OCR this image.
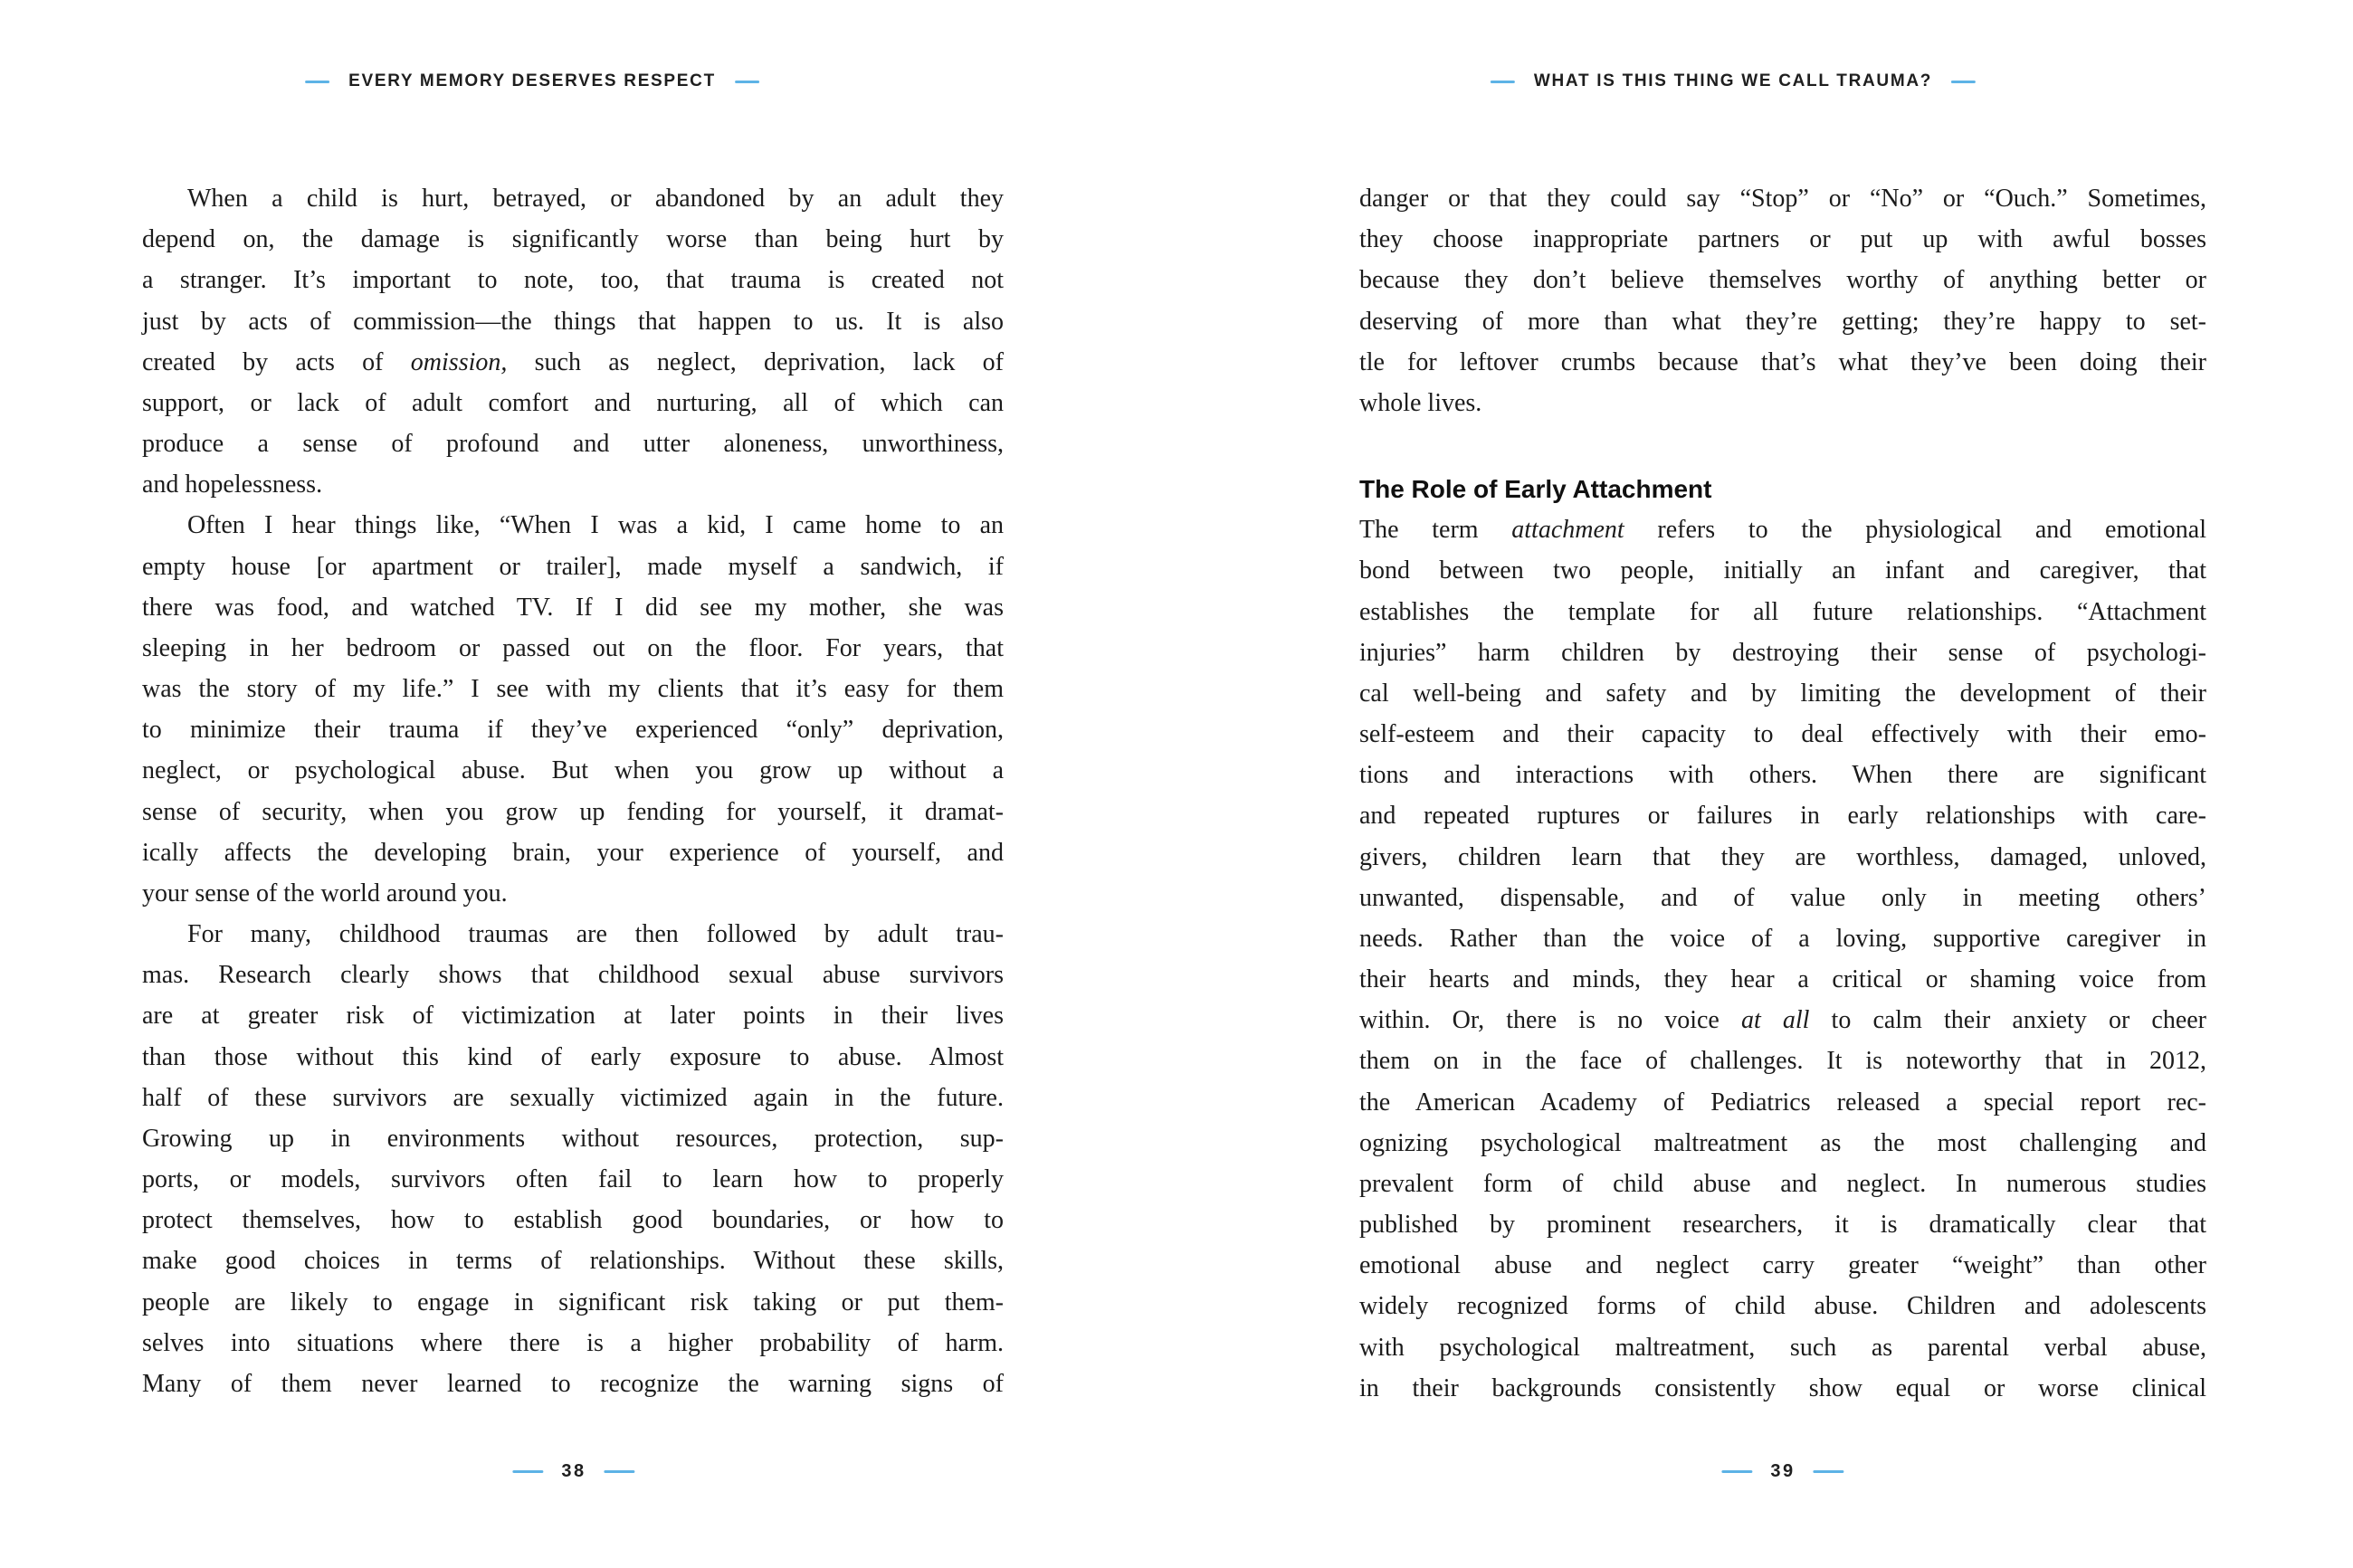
EVERY MEMORY DESERVES RESPECT
When a child is hurt, betrayed, or abandoned by an adult they
depend on, the damage is significantly worse than being hurt by
a stranger. It’s important to note, too, that trauma is created not
just by acts of commission—the things that happen to us. It is also
created by acts of omission, such as neglect, deprivation, lack of
support, or lack of adult comfort and nurturing, all of which can
produce a sense of profound and utter aloneness, unworthiness,
and hopelessness.
Often I hear things like, “When I was a kid, I came home to an
empty house [or apartment or trailer], made myself a sandwich, if
there was food, and watched TV. If I did see my mother, she was
sleeping in her bedroom or passed out on the floor. For years, that
was the story of my life.” I see with my clients that it’s easy for them
to minimize their trauma if they’ve experienced “only” deprivation,
neglect, or psychological abuse. But when you grow up without a
sense of security, when you grow up fending for yourself, it dramat-
ically affects the developing brain, your experience of yourself, and
your sense of the world around you.
For many, childhood traumas are then followed by adult trau-
mas. Research clearly shows that childhood sexual abuse survivors
are at greater risk of victimization at later points in their lives
than those without this kind of early exposure to abuse. Almost
half of these survivors are sexually victimized again in the future.
Growing up in environments without resources, protection, sup-
ports, or models, survivors often fail to learn how to properly
protect themselves, how to establish good boundaries, or how to
make good choices in terms of relationships. Without these skills,
people are likely to engage in significant risk taking or put them-
selves into situations where there is a higher probability of harm.
Many of them never learned to recognize the warning signs of
38
WHAT IS THIS THING WE CALL TRAUMA?
danger or that they could say “Stop” or “No” or “Ouch.” Sometimes,
they choose inappropriate partners or put up with awful bosses
because they don’t believe themselves worthy of anything better or
deserving of more than what they’re getting; they’re happy to set-
tle for leftover crumbs because that’s what they’ve been doing their
whole lives.
The Role of Early Attachment
The term attachment refers to the physiological and emotional
bond between two people, initially an infant and caregiver, that
establishes the template for all future relationships. “Attachment
injuries” harm children by destroying their sense of psychologi-
cal well-being and safety and by limiting the development of their
self-esteem and their capacity to deal effectively with their emo-
tions and interactions with others. When there are significant
and repeated ruptures or failures in early relationships with care-
givers, children learn that they are worthless, damaged, unloved,
unwanted, dispensable, and of value only in meeting others’
needs. Rather than the voice of a loving, supportive caregiver in
their hearts and minds, they hear a critical or shaming voice from
within. Or, there is no voice at all to calm their anxiety or cheer
them on in the face of challenges. It is noteworthy that in 2012,
the American Academy of Pediatrics released a special report rec-
ognizing psychological maltreatment as the most challenging and
prevalent form of child abuse and neglect. In numerous studies
published by prominent researchers, it is dramatically clear that
emotional abuse and neglect carry greater “weight” than other
widely recognized forms of child abuse. Children and adolescents
with psychological maltreatment, such as parental verbal abuse,
in their backgrounds consistently show equal or worse clinical
39
